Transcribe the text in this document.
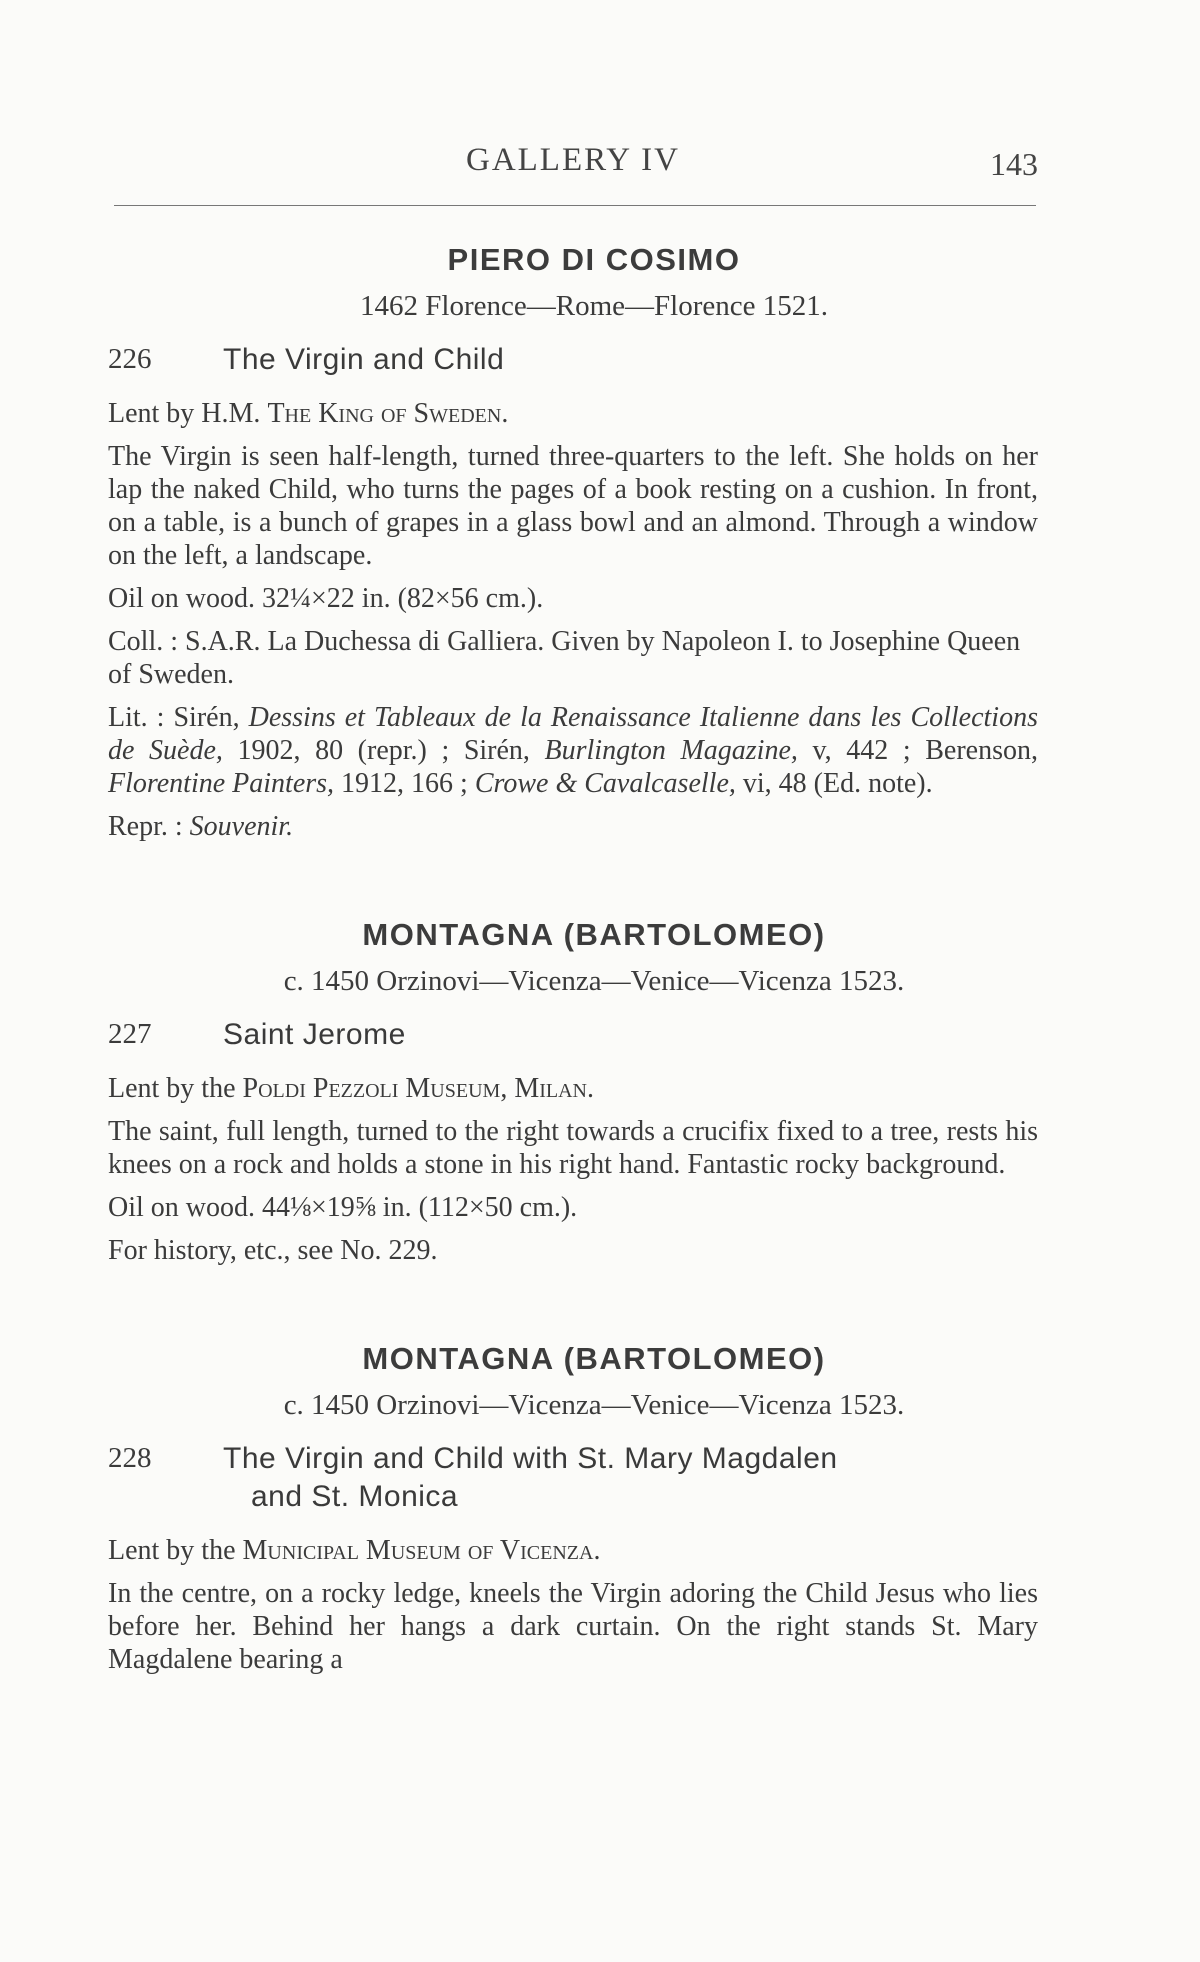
GALLERY IV	143
PIERO DI COSIMO

1462 Florence—Rome—Florence 1521.

226	The Virgin and Child

Lent by H.M. The King of Sweden.

The Virgin is seen half-length, turned three-quarters to the left. She holds on her lap the naked Child, who turns the pages of a book resting on a cushion. In front, on a table, is a bunch of grapes in a glass bowl and an almond. Through a window on the left, a landscape.

Oil on wood. 32¼×22 in. (82×56 cm.).

Coll. : S.A.R. La Duchessa di Galliera. Given by Napoleon I. to Josephine Queen of Sweden.

Lit. : Sirén, Dessins et Tableaux de la Renaissance Italienne dans les Collections de Suède, 1902, 80 (repr.) ; Sirén, Burlington Magazine, v, 442 ; Berenson, Florentine Painters, 1912, 166 ; Crowe & Cavalcaselle, vi, 48 (Ed. note).

Repr. : Souvenir.

MONTAGNA (BARTOLOMEO)

c. 1450 Orzinovi—Vicenza—Venice—Vicenza 1523.

227	Saint Jerome

Lent by the Poldi Pezzoli Museum, Milan.

The saint, full length, turned to the right towards a crucifix fixed to a tree, rests his knees on a rock and holds a stone in his right hand. Fantastic rocky background.

Oil on wood. 44⅛×19⅝ in. (112×50 cm.).

For history, etc., see No. 229.

MONTAGNA (BARTOLOMEO)

c. 1450 Orzinovi—Vicenza—Venice—Vicenza 1523.

228	The Virgin and Child with St. Mary Magdalen
and St. Monica

Lent by the Municipal Museum of Vicenza.

In the centre, on a rocky ledge, kneels the Virgin adoring the Child Jesus who lies before her. Behind her hangs a dark curtain. On the right stands St. Mary Magdalene bearing a
